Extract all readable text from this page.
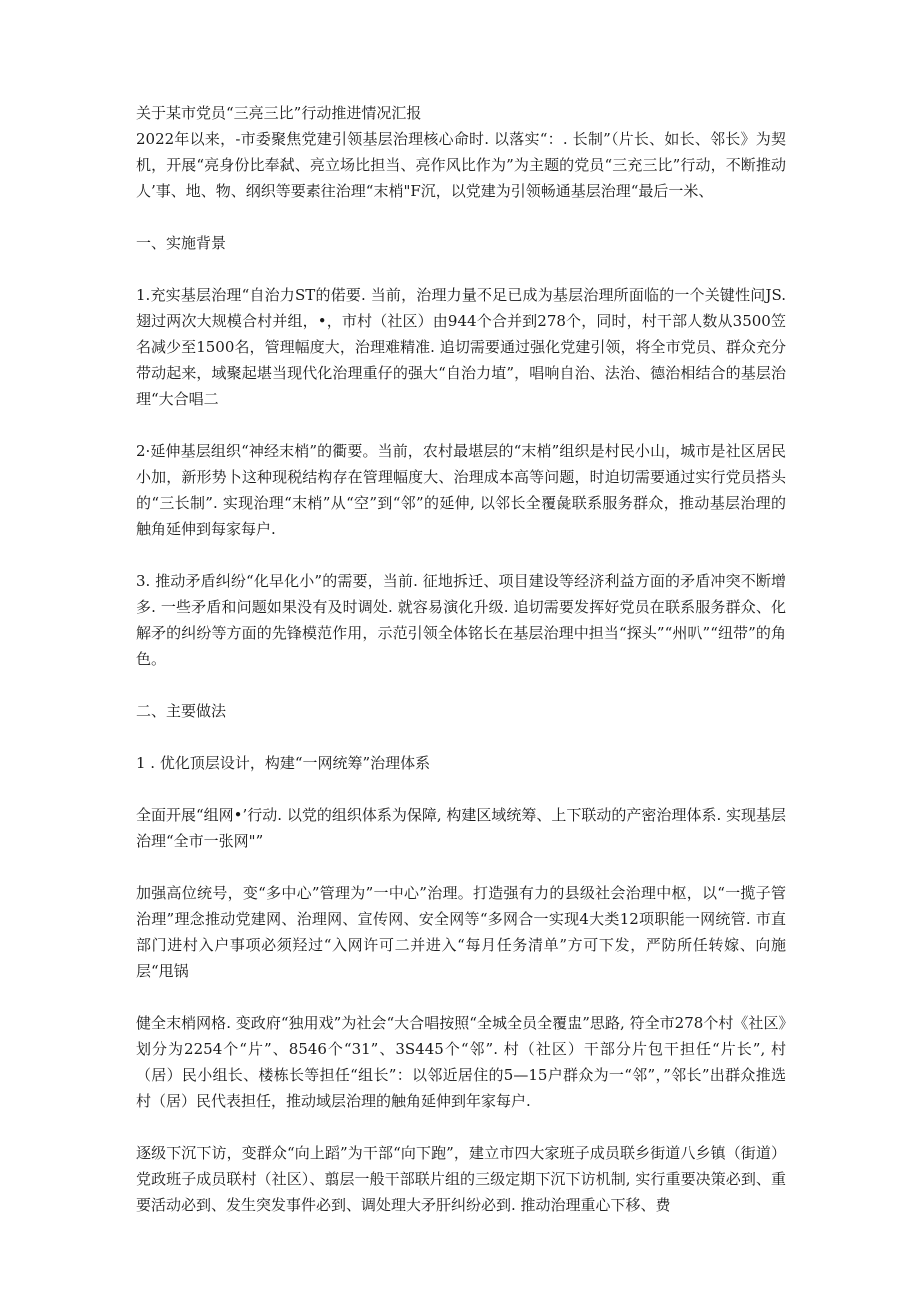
关于某市党员“三亮三比”行动推进情况汇报

2022年以来，-市委聚焦党建引领基层治理核心命时. 以落实“：. 长制”（片长、如长、邻长》为契机，开展“亮身份比奉弑、亮立场比担当、亮作风比作为”为主题的党员“三充三比”行动，不断推动人’事、地、物、纲织等要素往治理“末梢"F沉，以党建为引领畅通基层治理“最后一米、

一、实施背景

1.充实基层治理“自治力ST的偌要. 当前，治理力量不足已成为基层治理所面临的一个关键性问JS.翅过两次大规模合村并组，•，市村（社区）由944个合并到278个，同时，村干部人数从3500笠名减少至1500名，管理幅度大，治理难精准. 追切需要通过强化党建引领，将全市党员、群众充分带动起来，域聚起堪当现代化治理重仔的强大“自治力埴”，唱响自治、法治、德治相结合的基层治理“大合唱二

2·延伸基层组织“神经末梢”的衢要。当前，农村最堪层的“末梢”组织是村民小山，城市是社区居民小加，新形势卜这种现税结构存在管理幅度大、治理成本高等问题，时迫切需要通过实行党员搭头的“三长制”. 实现治理“末梢”从“空”到“邻”的延伸, 以邻长全覆彘联系服务群众，推动基层治理的触角延伸到每家每户.

3. 推动矛盾纠纷“化早化小”的需要，当前. 征地拆迁、项目建设等经济利益方面的矛盾冲突不断增多. 一些矛盾和问题如果没有及时调处. 就容易演化升级. 追切需要发挥好党员在联系服务群众、化解矛的纠纷等方面的先锋模范作用，示范引领全体铭长在基层治理中担当“探头”“州叭”“纽带”的角色。

二、主要做法

1 . 优化顶层设计，构建“一网统筹”治理体系

全面开展“组网•’行动. 以党的组织体系为保障, 构建区域统筹、上下联动的产密治理体系. 实现基层治理“全市一张网"”

加强高位统号，变“多中心”管理为”一中心”治理。打造强有力的县级社会治理中枢，以“一揽子管治理”理念推动党建网、治理网、宣传网、安全网等“多网合一实现4大类12项职能一网统管. 市直部门进村入户事项必须羟过“入网许可二并进入“每月任务清单”方可下发，严防所任转嫁、向施层“甩锅

健全末梢网格. 变政府“独用戏”为社会“大合唱按照“全城全员全覆盅”思路, 符全市278个村《社区》划分为2254个“片”、8546个“31”、3S445个“邻”. 村（社区）干部分片包干担任“片长”, 村（居）民小组长、楼栋长等担任“组长”：以邻近居住的5—15户群众为一“邻”，”邻长”出群众推选村（居）民代表担任，推动域层治理的触角延伸到年家每户.

逐级下沉下访，变群众“向上蹈”为干部“向下跑”，建立市四大家班子成员联乡街道八乡镇（街道）党政班子成员联村（社区）、翦层一般干部联片组的三级定期下沉下访机制, 实行重要决策必到、重要活动必到、发生突发事件必到、调处理大矛肝纠纷必到. 推动治理重心下移、费
